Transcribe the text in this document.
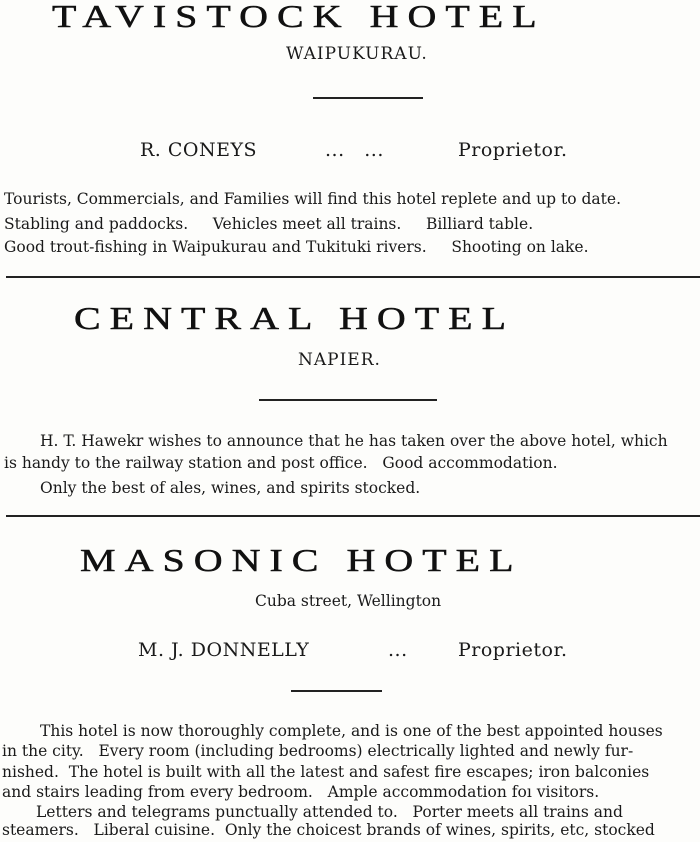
TAVISTOCK HOTEL
WAIPUKURAU.
R. CONEYS	...   ...	Proprietor.
Tourists, Commercials, and Families will find this hotel replete and up to date.
Stabling and paddocks.     Vehicles meet all trains.     Billiard table.
Good trout-fishing in Waipukurau and Tukituki rivers.     Shooting on lake.
CENTRAL HOTEL
NAPIER.
H. T. Hawekr wishes to announce that he has taken over the above hotel, which
is handy to the railway station and post office.   Good accommodation.
Only the best of ales, wines, and spirits stocked.
MASONIC HOTEL
Cuba street, Wellington
M. J. DONNELLY	...	Proprietor.
This hotel is now thoroughly complete, and is one of the best appointed houses
in the city.   Every room (including bedrooms) electrically lighted and newly fur-
nished.  The hotel is built with all the latest and safest fire escapes; iron balconies
and stairs leading from every bedroom.   Ample accommodation foı visitors.
Letters and telegrams punctually attended to.   Porter meets all trains and
steamers.   Liberal cuisine.  Only the choicest brands of wines, spirits, etc, stocked
